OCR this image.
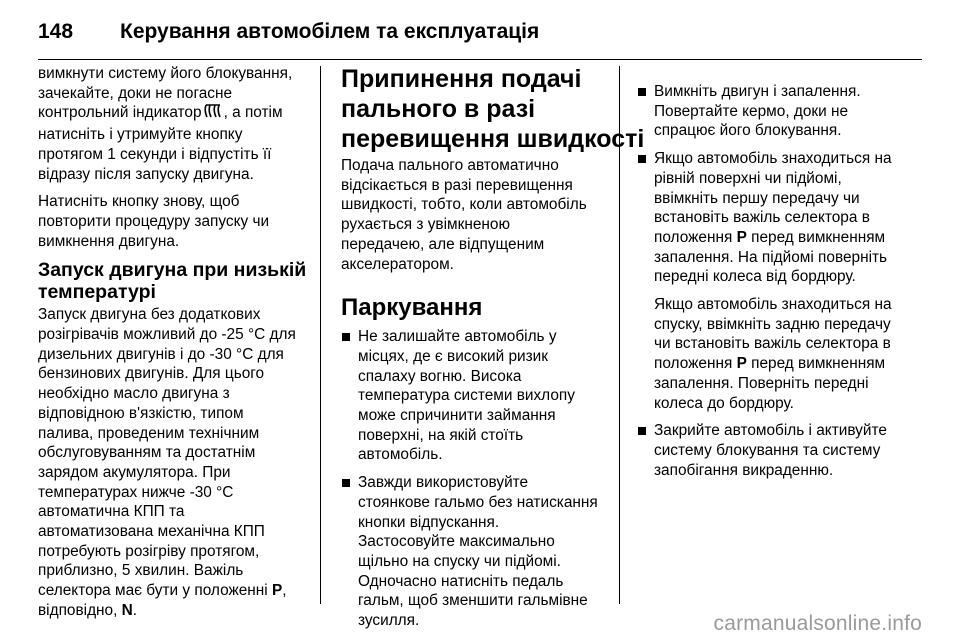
148	Керування автомобілем та експлуатація
вимкнути систему його блокування,
зачекайте, доки не погасне
контрольний індикатор , а потім
натисніть і утримуйте кнопку
протягом 1 секунди і відпустіть її
відразу після запуску двигуна.
Натисніть кнопку знову, щоб
повторити процедуру запуску чи
вимкнення двигуна.
Запуск двигуна при низькій
температурі
Запуск двигуна без додаткових
розігрівачів можливий до -25 °C для
дизельних двигунів і до -30 °C для
бензинових двигунів. Для цього
необхідно масло двигуна з
відповідною в'язкістю, типом
палива, проведеним технічним
обслуговуванням та достатнім
зарядом акумулятора. При
температурах нижче -30 °C
автоматична КПП та
автоматизована механічна КПП
потребують розігріву протягом,
приблизно, 5 хвилин. Важіль
селектора має бути у положенні P,
відповідно, N.
Припинення подачі
пального в разі
перевищення швидкості
Подача пального автоматично
відсікається в разі перевищення
швидкості, тобто, коли автомобіль
рухається з увімкненою
передачею, але відпущеним
акселератором.
Паркування
Не залишайте автомобіль у
місцях, де є високий ризик
спалаху вогню. Висока
температура системи вихлопу
може спричинити займання
поверхні, на якій стоїть
автомобіль.
Завжди використовуйте
стоянкове гальмо без натискання
кнопки відпускання.
Застосовуйте максимально
щільно на спуску чи підйомі.
Одночасно натисніть педаль
гальм, щоб зменшити гальмівне
зусилля.
Вимкніть двигун і запалення.
Повертайте кермо, доки не
спрацює його блокування.
Якщо автомобіль знаходиться на
рівній поверхні чи підйомі,
ввімкніть першу передачу чи
встановіть важіль селектора в
положення P перед вимкненням
запалення. На підйомі поверніть
передні колеса від бордюру.
Якщо автомобіль знаходиться на
спуску, ввімкніть задню передачу
чи встановіть важіль селектора в
положення P перед вимкненням
запалення. Поверніть передні
колеса до бордюру.
Закрийте автомобіль і активуйте
систему блокування та систему
запобігання викраденню.
carmanualsonline.info
